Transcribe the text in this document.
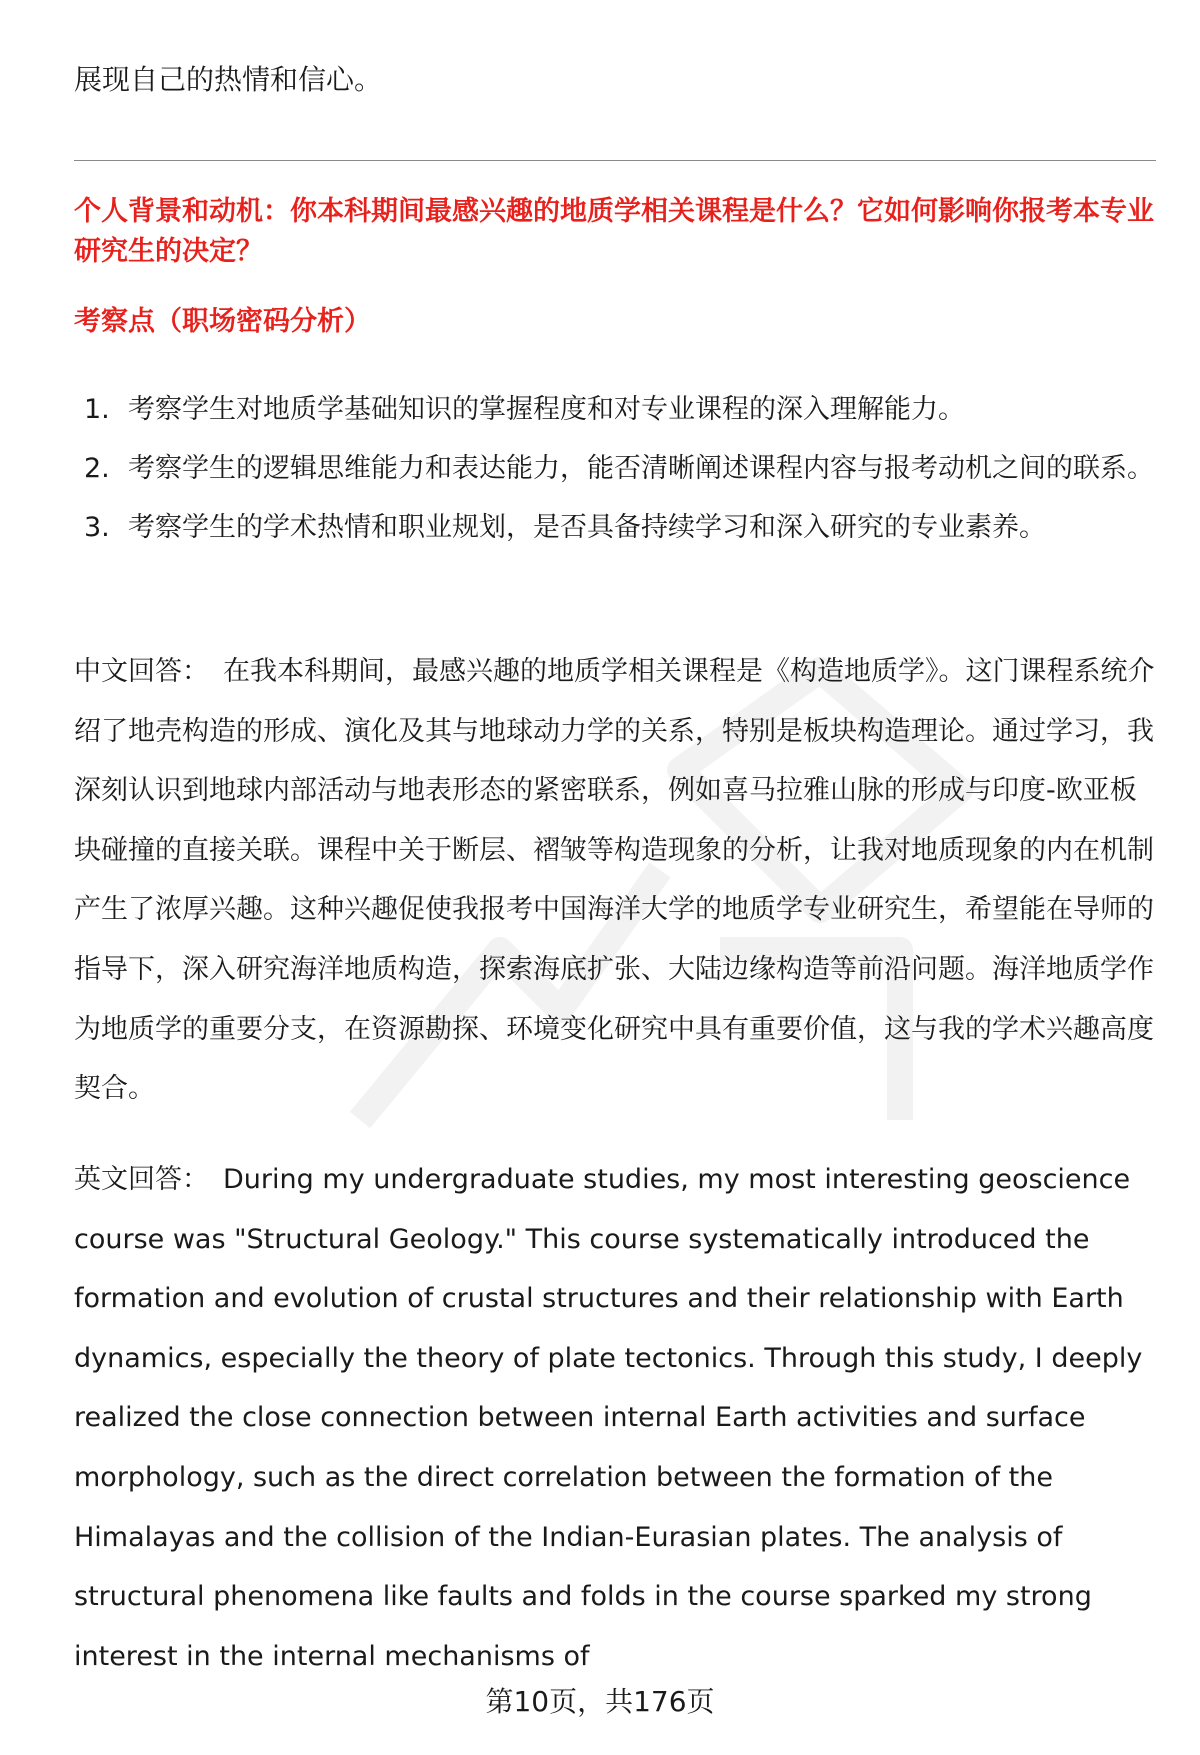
展现自己的热情和信心。
个人背景和动机：你本科期间最感兴趣的地质学相关课程是什么？它如何影响你报考本专业研究生的决定？
考察点（职场密码分析）
1. 考察学生对地质学基础知识的掌握程度和对专业课程的深入理解能力。
2. 考察学生的逻辑思维能力和表达能力，能否清晰阐述课程内容与报考动机之间的联系。
3. 考察学生的学术热情和职业规划，是否具备持续学习和深入研究的专业素养。

中文回答： 在我本科期间，最感兴趣的地质学相关课程是《构造地质学》。这门课程系统介绍了地壳构造的形成、演化及其与地球动力学的关系，特别是板块构造理论。通过学习，我深刻认识到地球内部活动与地表形态的紧密联系，例如喜马拉雅山脉的形成与印度-欧亚板块碰撞的直接关联。课程中关于断层、褶皱等构造现象的分析，让我对地质现象的内在机制产生了浓厚兴趣。这种兴趣促使我报考中国海洋大学的地质学专业研究生，希望能在导师的指导下，深入研究海洋地质构造，探索海底扩张、大陆边缘构造等前沿问题。海洋地质学作为地质学的重要分支，在资源勘探、环境变化研究中具有重要价值，这与我的学术兴趣高度契合。

英文回答： During my undergraduate studies, my most interesting geoscience course was "Structural Geology." This course systematically introduced the formation and evolution of crustal structures and their relationship with Earth dynamics, especially the theory of plate tectonics. Through this study, I deeply realized the close connection between internal Earth activities and surface morphology, such as the direct correlation between the formation of the Himalayas and the collision of the Indian-Eurasian plates. The analysis of structural phenomena like faults and folds in the course sparked my strong interest in the internal mechanisms of

第10页，共176页
